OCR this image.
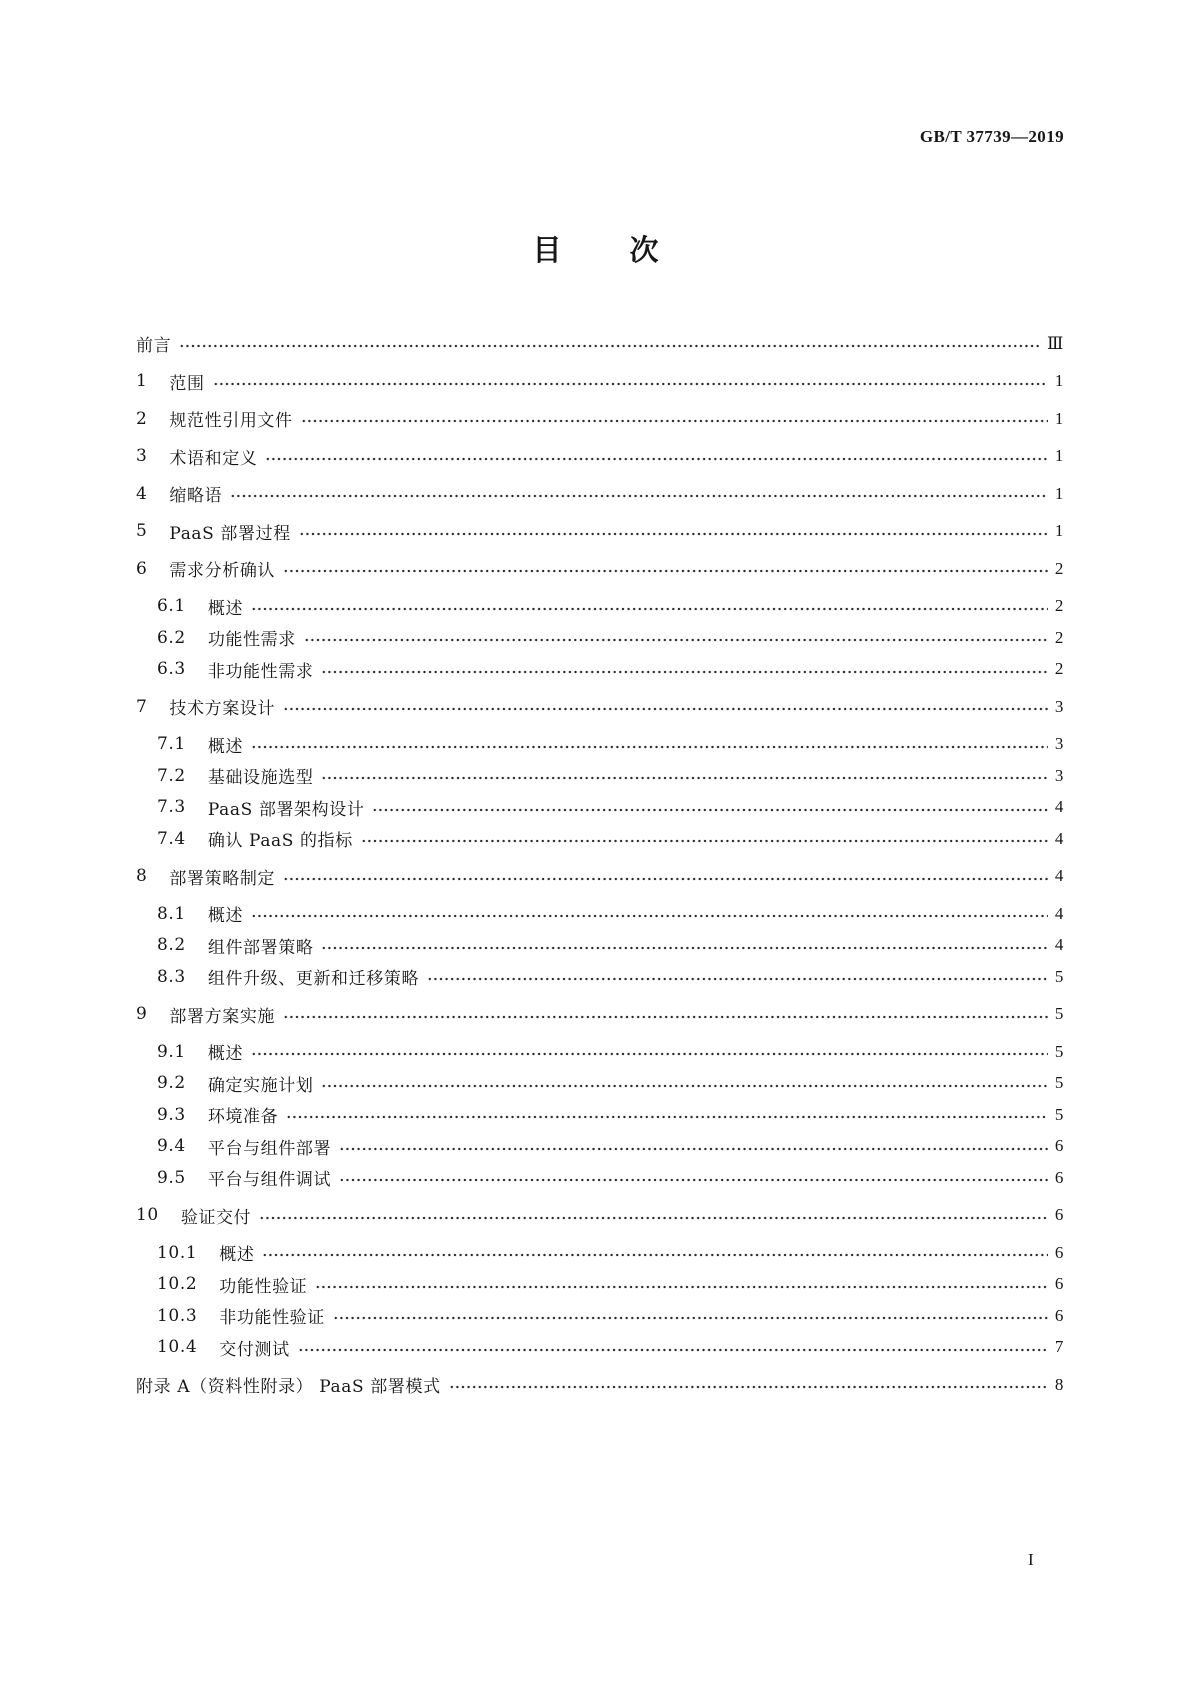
GB/T 37739—2019
目 次
前言	Ⅲ
1 范围	1
2 规范性引用文件	1
3 术语和定义	1
4 缩略语	1
5 PaaS 部署过程	1
6 需求分析确认	2
6.1 概述	2
6.2 功能性需求	2
6.3 非功能性需求	2
7 技术方案设计	3
7.1 概述	3
7.2 基础设施选型	3
7.3 PaaS 部署架构设计	4
7.4 确认 PaaS 的指标	4
8 部署策略制定	4
8.1 概述	4
8.2 组件部署策略	4
8.3 组件升级、更新和迁移策略	5
9 部署方案实施	5
9.1 概述	5
9.2 确定实施计划	5
9.3 环境准备	5
9.4 平台与组件部署	6
9.5 平台与组件调试	6
10 验证交付	6
10.1 概述	6
10.2 功能性验证	6
10.3 非功能性验证	6
10.4 交付测试	7
附录 A（资料性附录） PaaS 部署模式	8
I
